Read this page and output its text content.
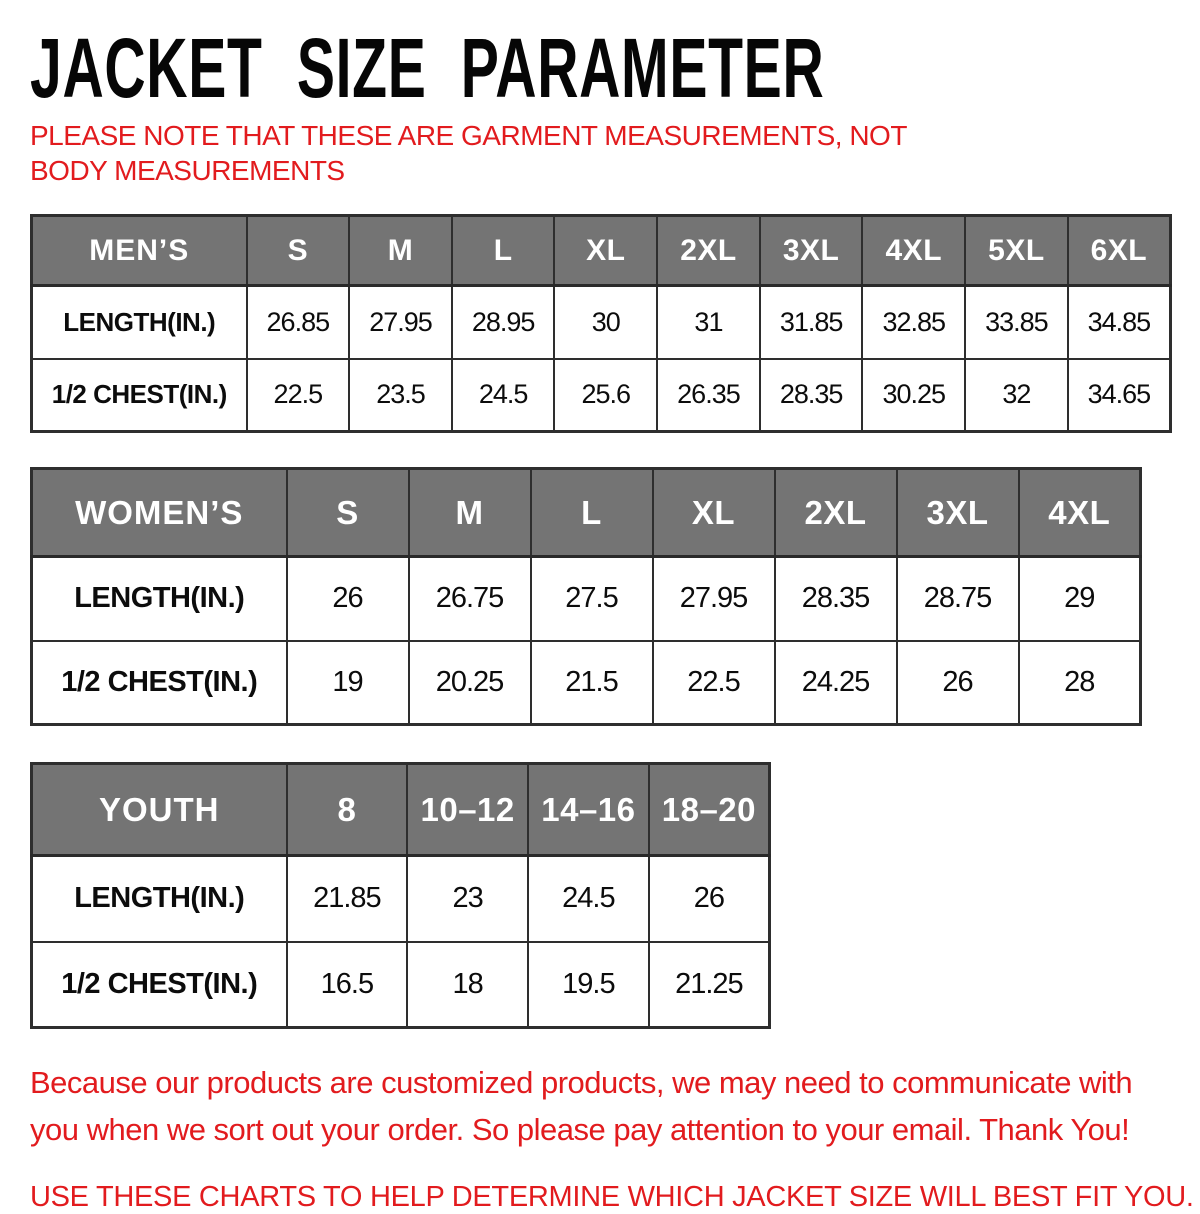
JACKET SIZE PARAMETER

PLEASE NOTE THAT THESE ARE GARMENT MEASUREMENTS, NOT BODY MEASUREMENTS

MEN’S	S	M	L	XL	2XL	3XL	4XL	5XL	6XL
LENGTH(IN.)	26.85	27.95	28.95	30	31	31.85	32.85	33.85	34.85
1/2 CHEST(IN.)	22.5	23.5	24.5	25.6	26.35	28.35	30.25	32	34.65
WOMEN’S	S	M	L	XL	2XL	3XL	4XL
LENGTH(IN.)	26	26.75	27.5	27.95	28.35	28.75	29
1/2 CHEST(IN.)	19	20.25	21.5	22.5	24.25	26	28
YOUTH	8	10–12	14–16	18–20
LENGTH(IN.)	21.85	23	24.5	26
1/2 CHEST(IN.)	16.5	18	19.5	21.25

Because our products are customized products, we may need to communicate with you when we sort out your order. So please pay attention to your email. Thank You!

USE THESE CHARTS TO HELP DETERMINE WHICH JACKET SIZE WILL BEST FIT YOU.
